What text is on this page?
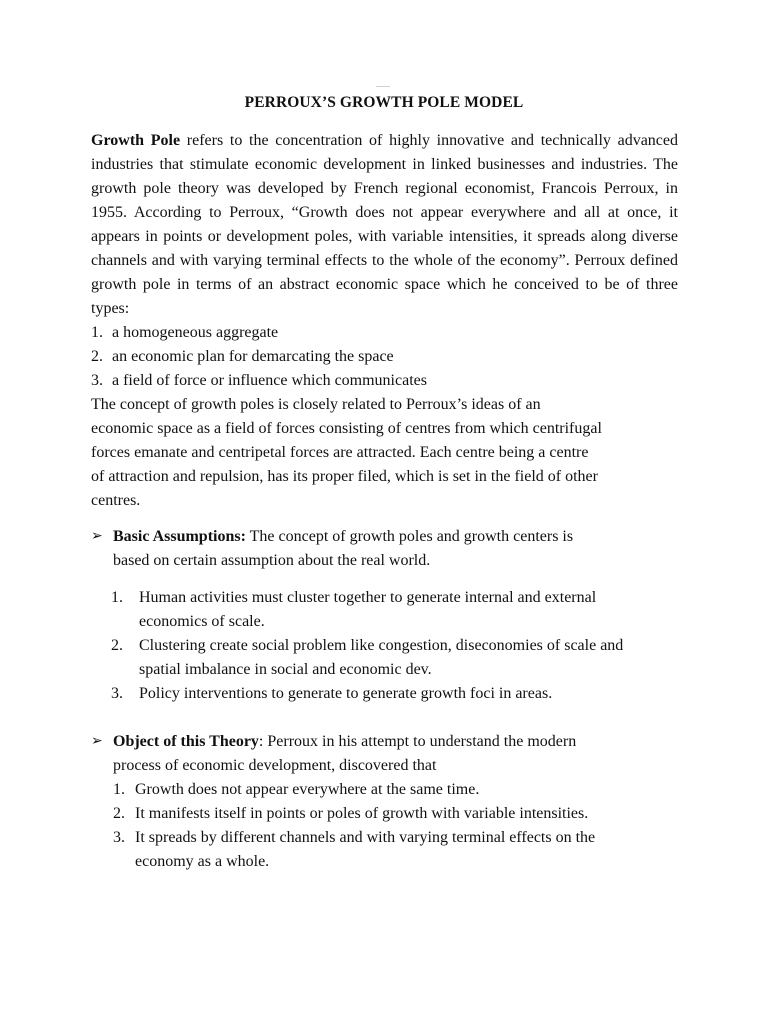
PERROUX’S GROWTH POLE MODEL
Growth Pole refers to the concentration of highly innovative and technically advanced industries that stimulate economic development in linked businesses and industries. The growth pole theory was developed by French regional economist, Francois Perroux, in 1955. According to Perroux, “Growth does not appear everywhere and all at once, it appears in points or development poles, with variable intensities, it spreads along diverse channels and with varying terminal effects to the whole of the economy”. Perroux defined growth pole in terms of an abstract economic space which he conceived to be of three types:
1. a homogeneous aggregate
2. an economic plan for demarcating the space
3. a field of force or influence which communicates
The concept of growth poles is closely related to Perroux’s ideas of an
economic space as a field of forces consisting of centres from which centrifugal
forces emanate and centripetal forces are attracted. Each centre being a centre
of attraction and repulsion, has its proper filed, which is set in the field of other
centres.
➢ Basic Assumptions: The concept of growth poles and growth centers is
based on certain assumption about the real world.
1. Human activities must cluster together to generate internal and external
economics of scale.
2. Clustering create social problem like congestion, diseconomies of scale and
spatial imbalance in social and economic dev.
3. Policy interventions to generate to generate growth foci in areas.
➢ Object of this Theory: Perroux in his attempt to understand the modern
process of economic development, discovered that
1. Growth does not appear everywhere at the same time.
2. It manifests itself in points or poles of growth with variable intensities.
3. It spreads by different channels and with varying terminal effects on the
economy as a whole.
